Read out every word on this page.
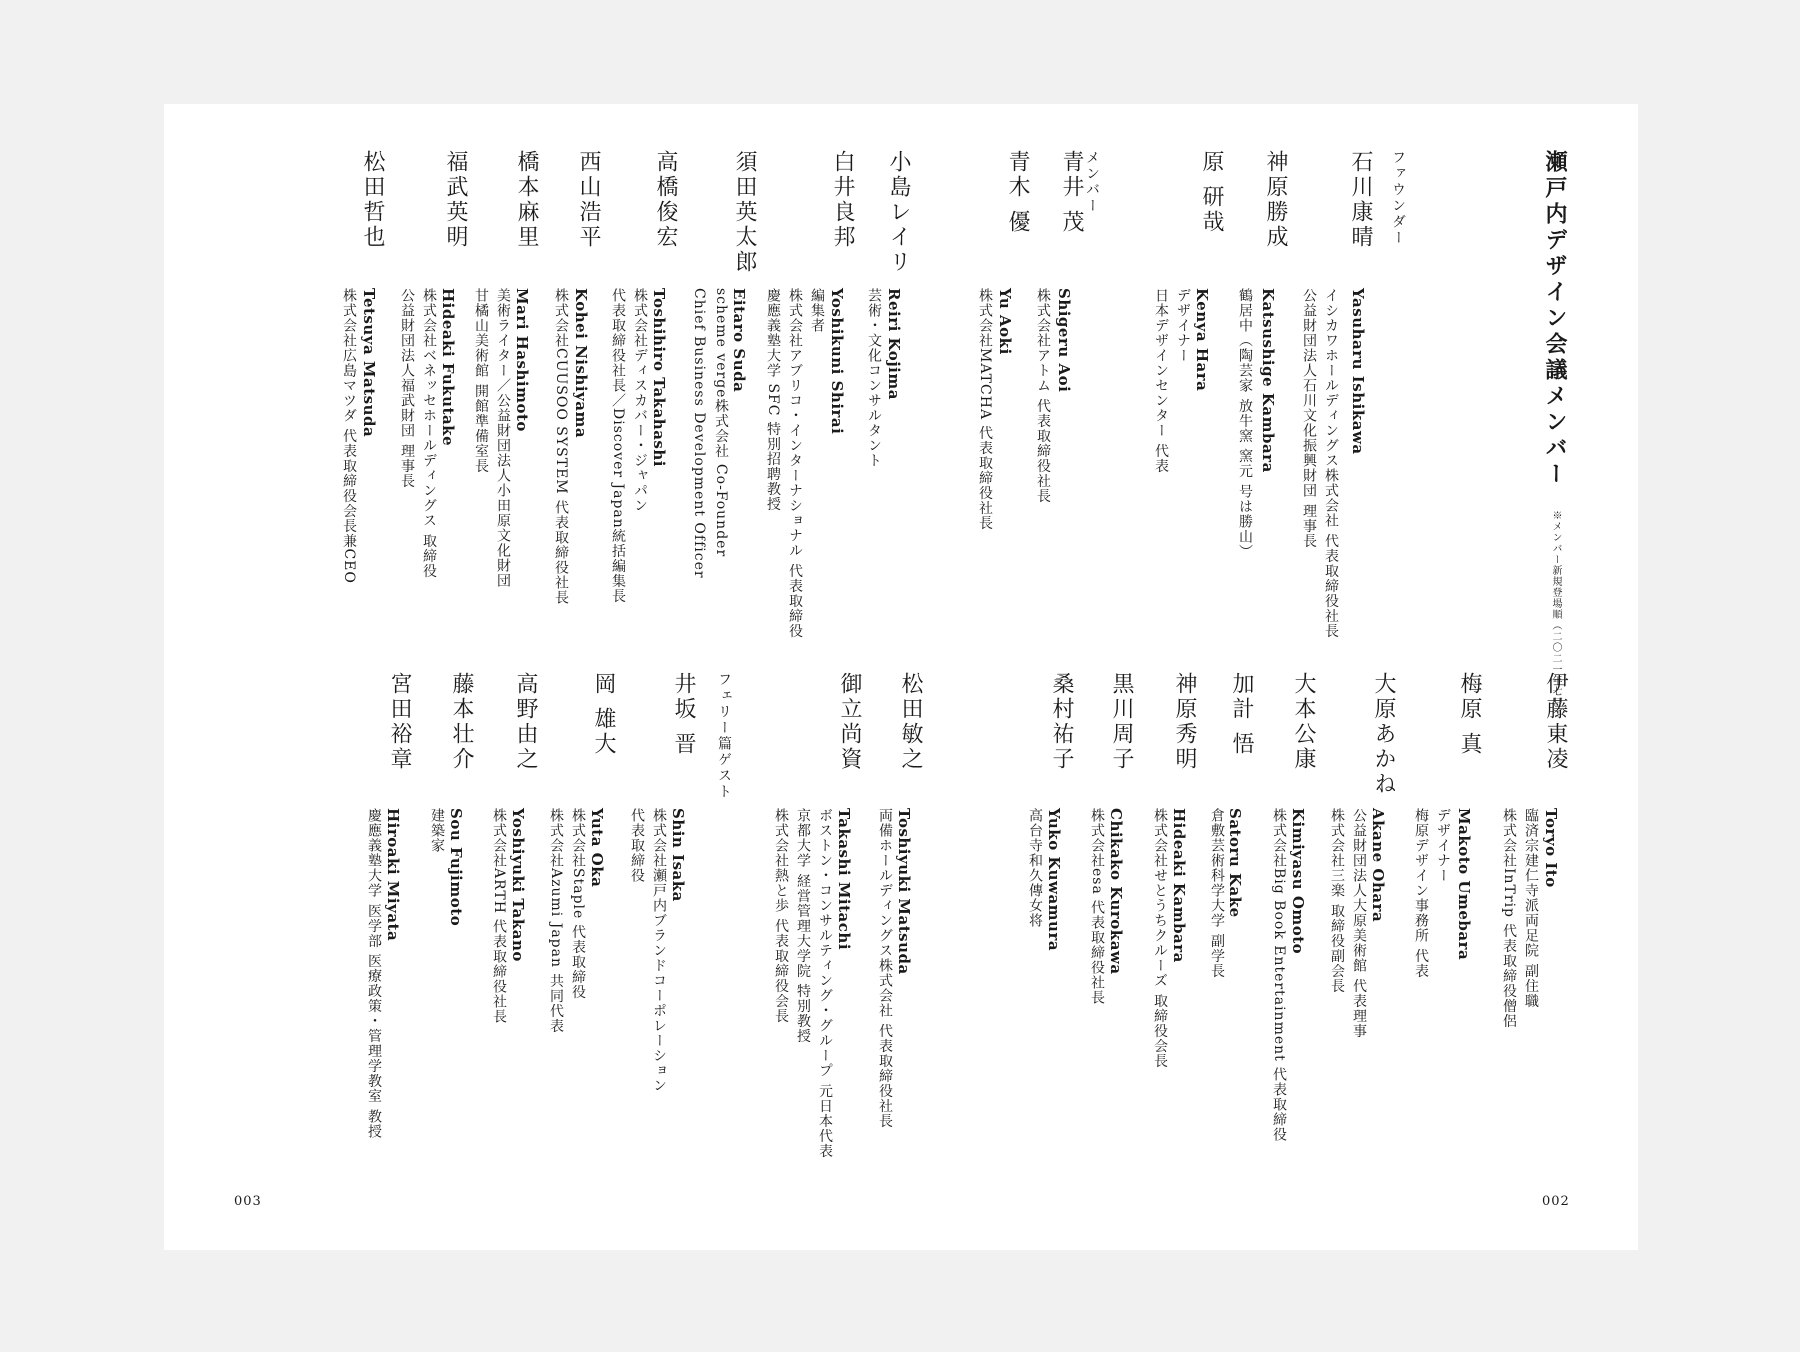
瀬戸内デザイン会議メンバー※メンバー新規登場順（二〇二一年七月）
ファウンダー
メンバー
フェリー篇ゲスト
石川康晴
Yasuharu Ishikawa
イシカワホールディングス株式会社 代表取締役社長
公益財団法人石川文化振興財団 理事長
神原勝成
Katsushige Kambara
鶴居中（陶芸家 放牛窯 窯元 号は勝山）
原 研哉
Kenya Hara
デザイナー
日本デザインセンター 代表
青井 茂
Shigeru Aoi
株式会社アトム 代表取締役社長
青木 優
Yu Aoki
株式会社MATCHA 代表取締役社長
小島レイリ
Reiri Kojima
芸術・文化コンサルタント
白井良邦
Yoshikuni Shirai
編集者
株式会社アブリコ・インターナショナル 代表取締役
慶應義塾大学 SFC 特別招聘教授
須田英太郎
Eitaro Suda
scheme verge株式会社 Co-Founder
Chief Business Development Officer
高橋俊宏
Toshihiro Takahashi
株式会社ディスカバー・ジャパン
代表取締役社長／Discover Japan統括編集長
西山浩平
Kohei Nishiyama
株式会社CUUSOO SYSTEM 代表取締役社長
橋本麻里
Mari Hashimoto
美術ライター／公益財団法人小田原文化財団
甘橘山美術館 開館準備室長
福武英明
Hideaki Fukutake
株式会社ベネッセホールディングス 取締役
公益財団法人福武財団 理事長
松田哲也
Tetsuya Matsuda
株式会社広島マツダ 代表取締役会長兼CEO
伊藤東凌
Toryo Ito
臨済宗建仁寺派両足院 副住職
株式会社InTrip 代表取締役僧侶
梅原 真
Makoto Umebara
デザイナー
梅原デザイン事務所 代表
大原あかね
Akane Ohara
公益財団法人大原美術館 代表理事
株式会社三楽 取締役副会長
大本公康
Kimiyasu Omoto
株式会社Big Book Entertainment 代表取締役
加計 悟
Satoru Kake
倉敷芸術科学大学 副学長
神原秀明
Hideaki Kambara
株式会社せとうちクルーズ 取締役会長
黒川周子
Chikako Kurokawa
株式会社esa 代表取締役社長
桑村祐子
Yuko Kuwamura
高台寺和久傳女将
松田敏之
Toshiyuki Matsuda
両備ホールディングス株式会社 代表取締役社長
御立尚資
Takashi Mitachi
ボストン・コンサルティング・グループ 元日本代表
京都大学 経営管理大学院 特別教授
株式会社熱と歩 代表取締役会長
井坂 晋
Shin Isaka
株式会社瀬戸内ブランドコーポレーション
代表取締役
岡 雄大
Yuta Oka
株式会社Staple 代表取締役
株式会社Azumi Japan 共同代表
高野由之
Yoshiyuki Takano
株式会社ARTH 代表取締役社長
藤本壮介
Sou Fujimoto
建築家
宮田裕章
Hiroaki Miyata
慶應義塾大学 医学部 医療政策・管理学教室 教授
003	002
